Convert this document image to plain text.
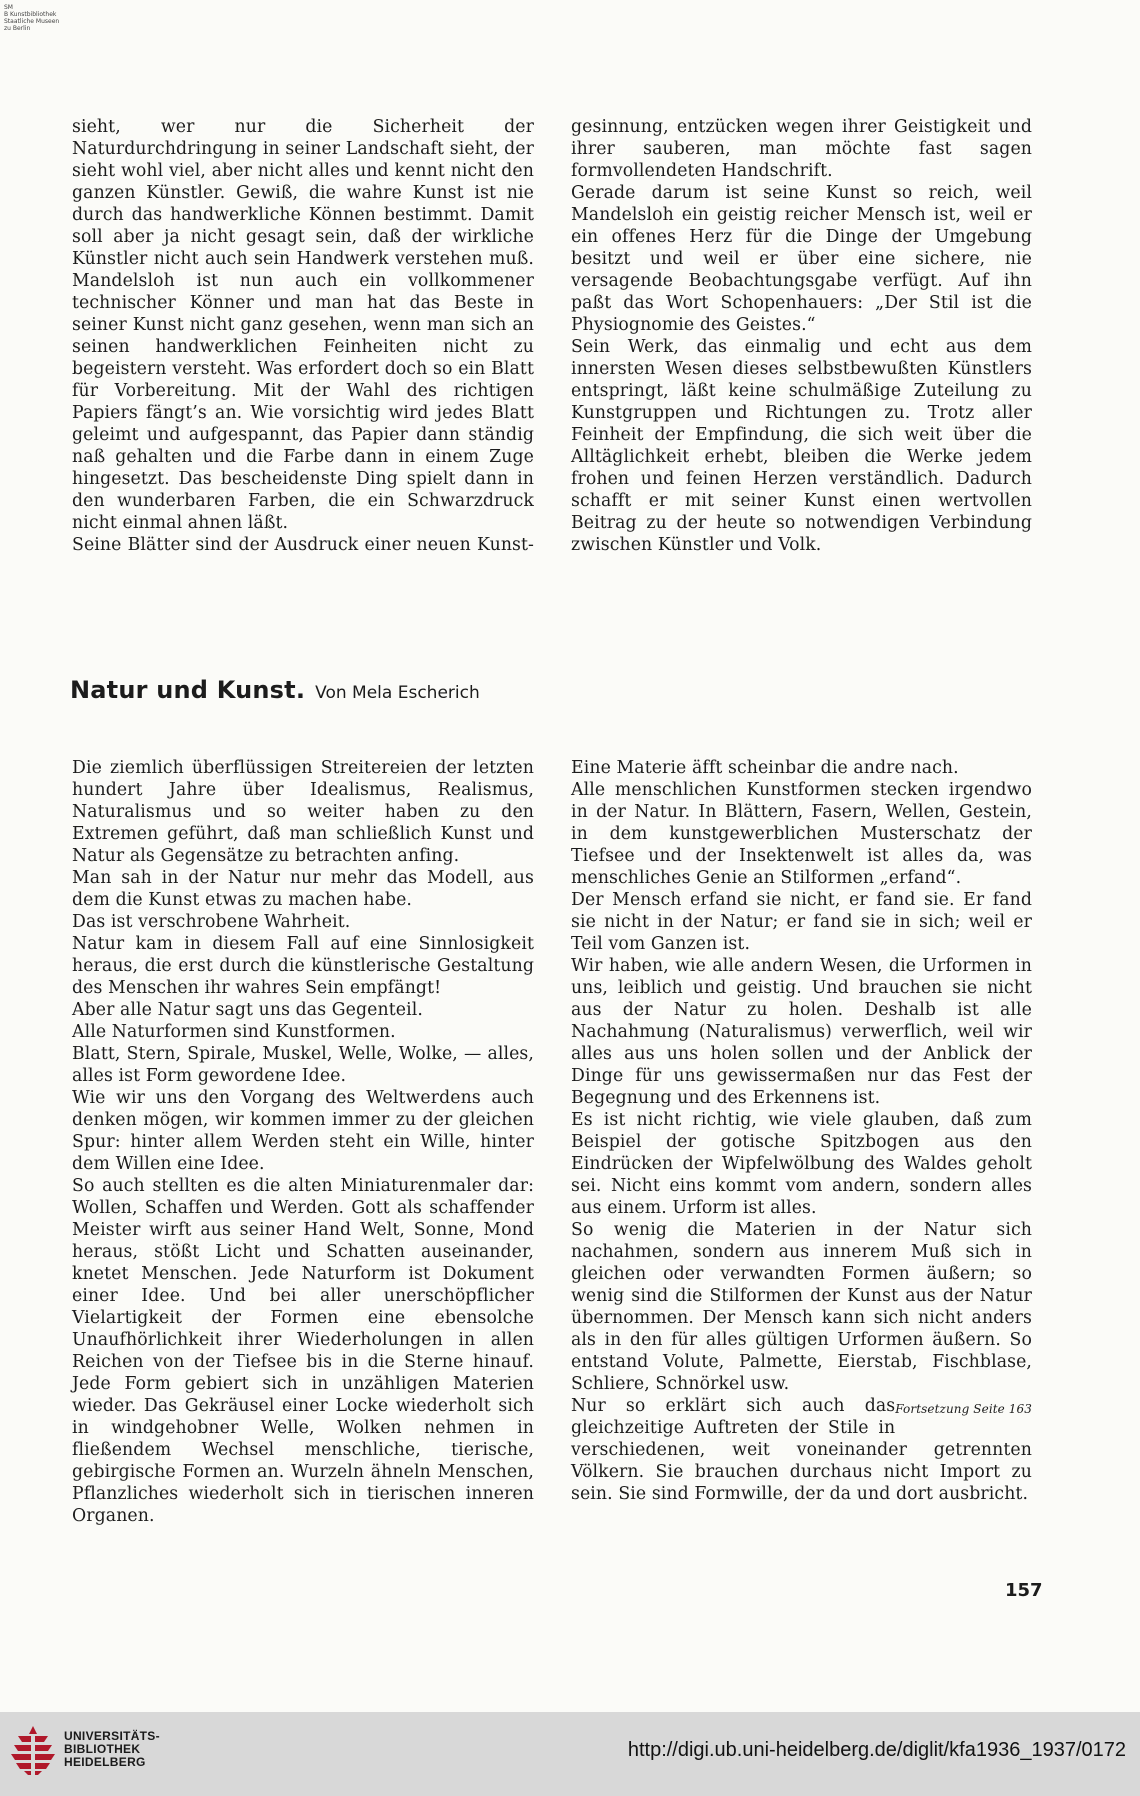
SM
B Kunstbibliothek
Staatliche Museen
zu Berlin

sieht, wer nur die Sicherheit der Naturdurchdringung in seiner Landschaft sieht, der sieht wohl viel, aber nicht alles und kennt nicht den ganzen Künstler. Gewiß, die wahre Kunst ist nie durch das handwerkliche Können bestimmt. Damit soll aber ja nicht gesagt sein, daß der wirkliche Künstler nicht auch sein Handwerk verstehen muß. Mandelsloh ist nun auch ein vollkommener technischer Könner und man hat das Beste in seiner Kunst nicht ganz gesehen, wenn man sich an seinen handwerklichen Feinheiten nicht zu begeistern versteht. Was erfordert doch so ein Blatt für Vorbereitung. Mit der Wahl des richtigen Papiers fängt’s an. Wie vorsichtig wird jedes Blatt geleimt und aufgespannt, das Papier dann ständig naß gehalten und die Farbe dann in einem Zuge hingesetzt. Das bescheidenste Ding spielt dann in den wunderbaren Farben, die ein Schwarzdruck nicht einmal ahnen läßt.

Seine Blätter sind der Ausdruck einer neuen Kunst-

gesinnung, entzücken wegen ihrer Geistigkeit und ihrer sauberen, man möchte fast sagen formvollendeten Handschrift.

Gerade darum ist seine Kunst so reich, weil Mandelsloh ein geistig reicher Mensch ist, weil er ein offenes Herz für die Dinge der Umgebung besitzt und weil er über eine sichere, nie versagende Beobachtungsgabe verfügt. Auf ihn paßt das Wort Schopenhauers: „Der Stil ist die Physiognomie des Geistes.“

Sein Werk, das einmalig und echt aus dem innersten Wesen dieses selbstbewußten Künstlers entspringt, läßt keine schulmäßige Zuteilung zu Kunstgruppen und Richtungen zu. Trotz aller Feinheit der Empfindung, die sich weit über die Alltäglichkeit erhebt, bleiben die Werke jedem frohen und feinen Herzen verständlich. Dadurch schafft er mit seiner Kunst einen wertvollen Beitrag zu der heute so notwendigen Verbindung zwischen Künstler und Volk.

Natur und Kunst. Von Mela Escherich

Die ziemlich überflüssigen Streitereien der letzten hundert Jahre über Idealismus, Realismus, Naturalismus und so weiter haben zu den Extremen geführt, daß man schließlich Kunst und Natur als Gegensätze zu betrachten anfing.

Man sah in der Natur nur mehr das Modell, aus dem die Kunst etwas zu machen habe.

Das ist verschrobene Wahrheit.

Natur kam in diesem Fall auf eine Sinnlosigkeit heraus, die erst durch die künstlerische Gestaltung des Menschen ihr wahres Sein empfängt!

Aber alle Natur sagt uns das Gegenteil.

Alle Naturformen sind Kunstformen.

Blatt, Stern, Spirale, Muskel, Welle, Wolke, — alles, alles ist Form gewordene Idee.

Wie wir uns den Vorgang des Weltwerdens auch denken mögen, wir kommen immer zu der gleichen Spur: hinter allem Werden steht ein Wille, hinter dem Willen eine Idee.

So auch stellten es die alten Miniaturenmaler dar: Wollen, Schaffen und Werden. Gott als schaffender Meister wirft aus seiner Hand Welt, Sonne, Mond heraus, stößt Licht und Schatten auseinander, knetet Menschen. Jede Naturform ist Dokument einer Idee. Und bei aller unerschöpflicher Vielartigkeit der Formen eine ebensolche Unaufhörlichkeit ihrer Wiederholungen in allen Reichen von der Tiefsee bis in die Sterne hinauf. Jede Form gebiert sich in unzähligen Materien wieder. Das Gekräusel einer Locke wiederholt sich in windgehobner Welle, Wolken nehmen in fließendem Wechsel menschliche, tierische, gebirgische Formen an. Wurzeln ähneln Menschen, Pflanzliches wiederholt sich in tierischen inneren Organen.

Eine Materie äfft scheinbar die andre nach.

Alle menschlichen Kunstformen stecken irgendwo in der Natur. In Blättern, Fasern, Wellen, Gestein, in dem kunstgewerblichen Musterschatz der Tiefsee und der Insektenwelt ist alles da, was menschliches Genie an Stilformen „erfand“.

Der Mensch erfand sie nicht, er fand sie. Er fand sie nicht in der Natur; er fand sie in sich; weil er Teil vom Ganzen ist.

Wir haben, wie alle andern Wesen, die Urformen in uns, leiblich und geistig. Und brauchen sie nicht aus der Natur zu holen. Deshalb ist alle Nachahmung (Naturalismus) verwerflich, weil wir alles aus uns holen sollen und der Anblick der Dinge für uns gewissermaßen nur das Fest der Begegnung und des Erkennens ist.

Es ist nicht richtig, wie viele glauben, daß zum Beispiel der gotische Spitzbogen aus den Eindrücken der Wipfelwölbung des Waldes geholt sei. Nicht eins kommt vom andern, sondern alles aus einem. Urform ist alles.

So wenig die Materien in der Natur sich nachahmen, sondern aus innerem Muß sich in gleichen oder verwandten Formen äußern; so wenig sind die Stilformen der Kunst aus der Natur übernommen. Der Mensch kann sich nicht anders als in den für alles gültigen Urformen äußern. So entstand Volute, Palmette, Eierstab, Fischblase, Schliere, Schnörkel usw.

Fortsetzung Seite 163
Nur so erklärt sich auch das gleichzeitige Auftreten der Stile in verschiedenen, weit voneinander getrennten Völkern. Sie brauchen durchaus nicht Import zu sein. Sie sind Formwille, der da und dort ausbricht.

157
UNIVERSITÄTS-
BIBLIOTHEK
HEIDELBERG
http://digi.ub.uni-heidelberg.de/diglit/kfa1936_1937/0172
